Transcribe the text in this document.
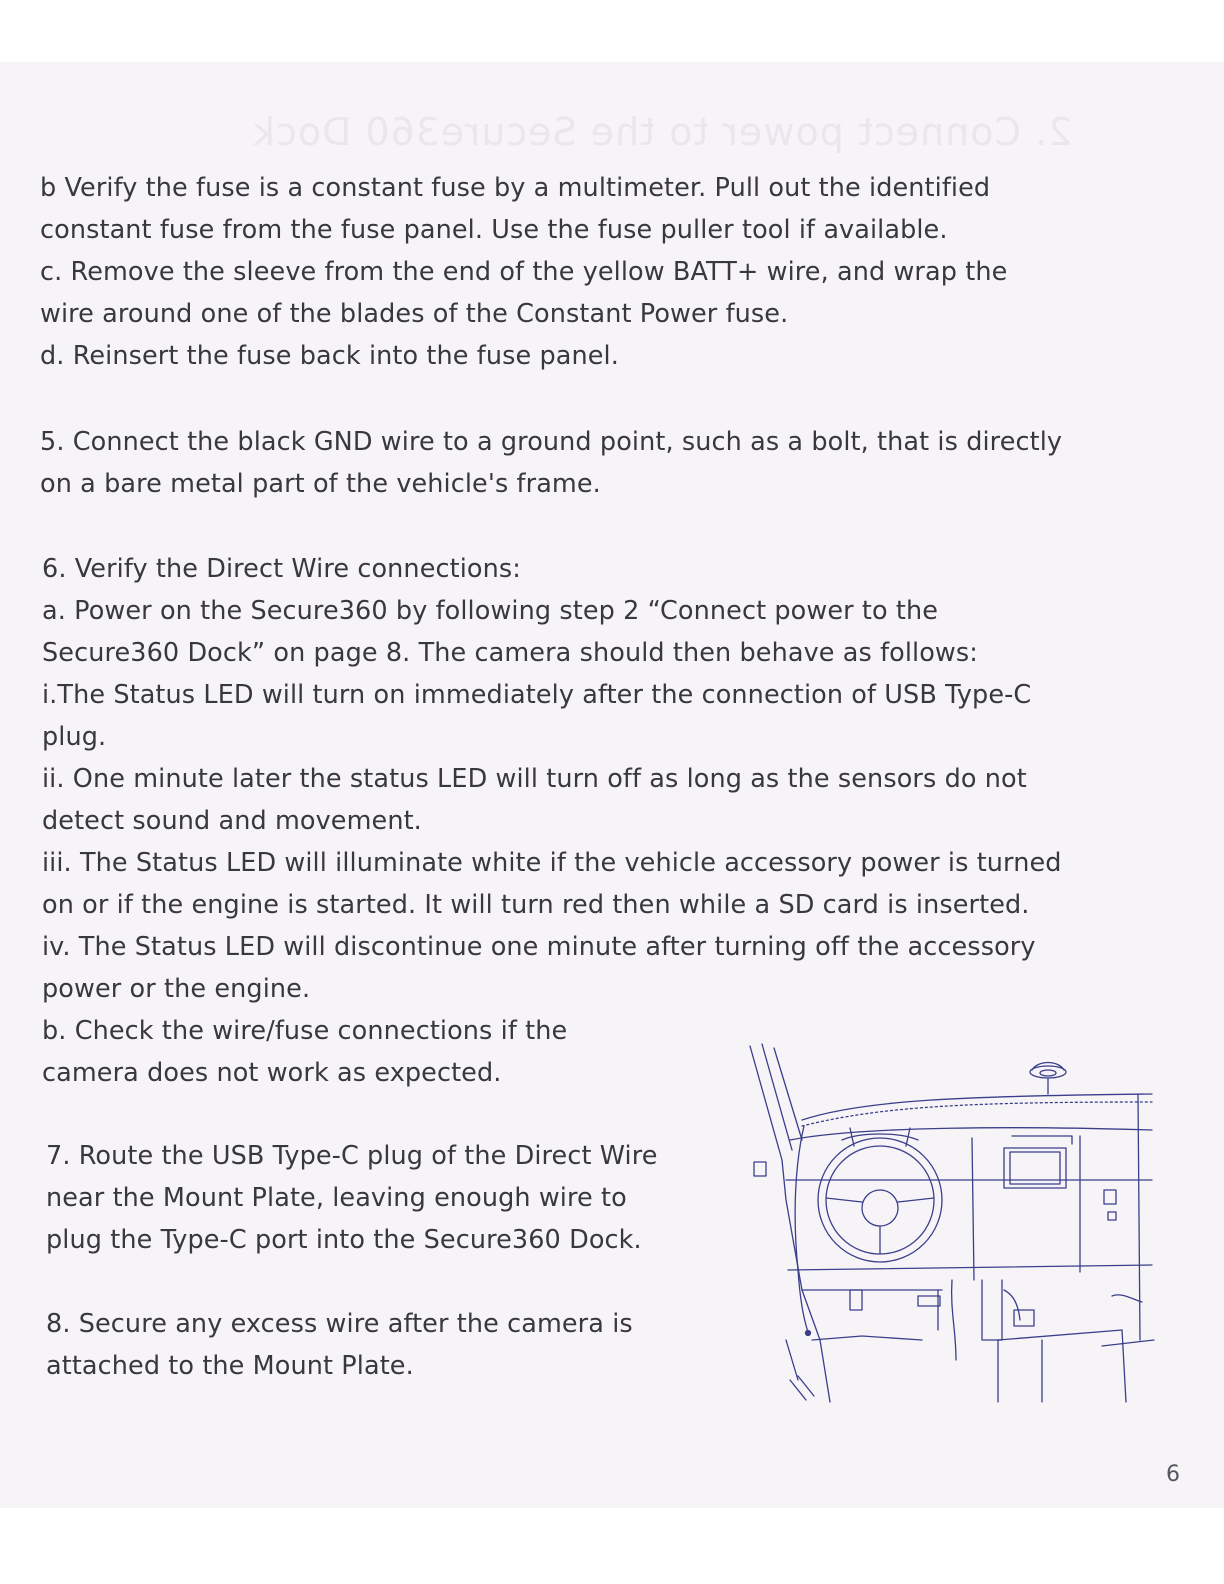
2. Connect power to the Secure360 Dock
b Verify the fuse is a constant fuse by a multimeter. Pull out the identified
constant fuse from the fuse panel. Use the fuse puller tool if available.
c. Remove the sleeve from the end of the yellow BATT+ wire, and wrap the
wire around one of the blades of the Constant Power fuse.
d. Reinsert the fuse back into the fuse panel.
5. Connect the black GND wire to a ground point, such as a bolt, that is directly
on a bare metal part of the vehicle's frame.
6. Verify the Direct Wire connections:
a. Power on the Secure360 by following step 2 “Connect power to the
Secure360 Dock” on page 8. The camera should then behave as follows:
i.The Status LED will turn on immediately after the connection of USB Type-C
plug.
ii. One minute later the status LED will turn off as long as the sensors do not
detect sound and movement.
iii. The Status LED will illuminate white if the vehicle accessory power is turned
on or if the engine is started. It will turn red then while a SD card is inserted.
iv. The Status LED will discontinue one minute after turning off the accessory
power or the engine.
b. Check the wire/fuse connections if the
camera does not work as expected.
7. Route the USB Type-C plug of the Direct Wire
near the Mount Plate, leaving enough wire to
plug the Type-C port into the Secure360 Dock.
8. Secure any excess wire after the camera is
attached to the Mount Plate.
6
